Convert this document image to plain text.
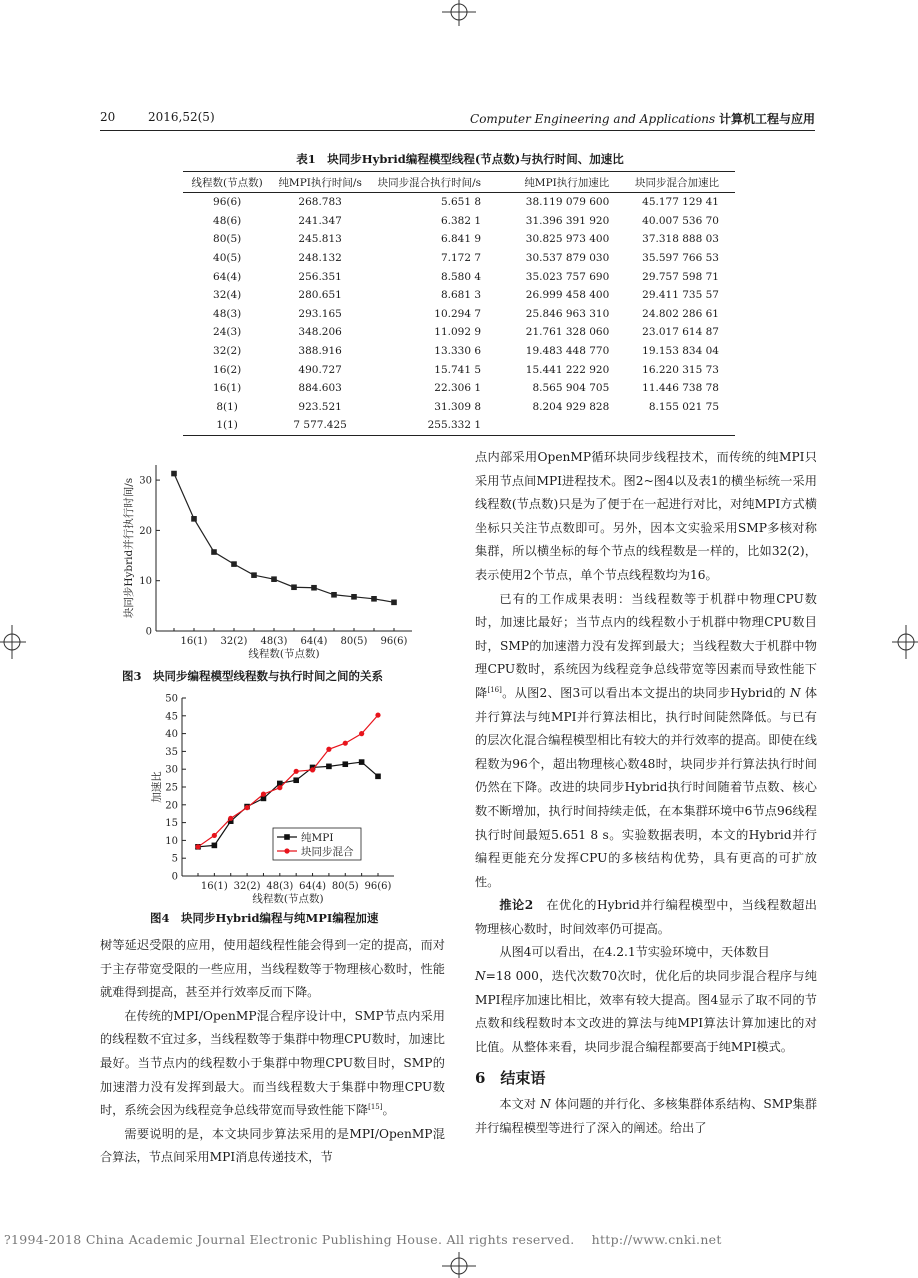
20	2016,52(5)	Computer Engineering and Applications 计算机工程与应用
表1　块同步Hybrid编程模型线程(节点数)与执行时间、加速比
线程数(节点数)	纯MPI执行时间/s	块同步混合执行时间/s	纯MPI执行加速比	块同步混合加速比
96(6)	268.783	5.651 8	38.119 079 600	45.177 129 41
48(6)	241.347	6.382 1	31.396 391 920	40.007 536 70
80(5)	245.813	6.841 9	30.825 973 400	37.318 888 03
40(5)	248.132	7.172 7	30.537 879 030	35.597 766 53
64(4)	256.351	8.580 4	35.023 757 690	29.757 598 71
32(4)	280.651	8.681 3	26.999 458 400	29.411 735 57
48(3)	293.165	10.294 7	25.846 963 310	24.802 286 61
24(3)	348.206	11.092 9	21.761 328 060	23.017 614 87
32(2)	388.916	13.330 6	19.483 448 770	19.153 834 04
16(2)	490.727	15.741 5	15.441 222 920	16.220 315 73
16(1)	884.603	22.306 1	8.565 904 705	11.446 738 78
8(1)	923.521	31.309 8	8.204 929 828	8.155 021 75
1(1)	7 577.425	255.332 1		
0
10
20
30
16(1) 32(2) 48(3) 64(4) 80(5) 96(6)
线程数(节点数)
块同步Hybrid并行执行时间/s
图3　块同步编程模型线程数与执行时间之间的关系
0
5
10
15
20
25
30
35
40
45
50
16(1) 32(2) 48(3) 64(4) 80(5) 96(6)
线程数(节点数)
加速比
纯MPI
块同步混合
图4　块同步Hybrid编程与纯MPI编程加速

树等延迟受限的应用，使用超线程性能会得到一定的提高，而对于主存带宽受限的一些应用，当线程数等于物理核心数时，性能就难得到提高，甚至并行效率反而下降。

在传统的MPI/OpenMP混合程序设计中，SMP节点内采用的线程数不宜过多，当线程数等于集群中物理CPU数时，加速比最好。当节点内的线程数小于集群中物理CPU数目时，SMP的加速潜力没有发挥到最大。而当线程数大于集群中物理CPU数时，系统会因为线程竞争总线带宽而导致性能下降[15]。

需要说明的是，本文块同步算法采用的是MPI/OpenMP混合算法，节点间采用MPI消息传递技术，节

点内部采用OpenMP循环块同步线程技术，而传统的纯MPI只采用节点间MPI进程技术。图2~图4以及表1的横坐标统一采用线程数(节点数)只是为了便于在一起进行对比，对纯MPI方式横坐标只关注节点数即可。另外，因本文实验采用SMP多核对称集群，所以横坐标的每个节点的线程数是一样的，比如32(2)，表示使用2个节点，单个节点线程数均为16。

已有的工作成果表明：当线程数等于机群中物理CPU数时，加速比最好；当节点内的线程数小于机群中物理CPU数目时，SMP的加速潜力没有发挥到最大；当线程数大于机群中物理CPU数时，系统因为线程竞争总线带宽等因素而导致性能下降[16]。从图2、图3可以看出本文提出的块同步Hybrid的 N 体并行算法与纯MPI并行算法相比，执行时间陡然降低。与已有的层次化混合编程模型相比有较大的并行效率的提高。即使在线程数为96个，超出物理核心数48时，块同步并行算法执行时间仍然在下降。改进的块同步Hybrid执行时间随着节点数、核心数不断增加，执行时间持续走低，在本集群环境中6节点96线程执行时间最短5.651 8 s。实验数据表明，本文的Hybrid并行编程更能充分发挥CPU的多核结构优势，具有更高的可扩放性。

推论2　在优化的Hybrid并行编程模型中，当线程数超出物理核心数时，时间效率仍可提高。

从图4可以看出，在4.2.1节实验环境中，天体数目
N=18 000，迭代次数70次时，优化后的块同步混合程序与纯MPI程序加速比相比，效率有较大提高。图4显示了取不同的节点数和线程数时本文改进的算法与纯MPI算法计算加速比的对比值。从整体来看，块同步混合编程都要高于纯MPI模式。

6　结束语

本文对 N 体问题的并行化、多核集群体系结构、SMP集群并行编程模型等进行了深入的阐述。给出了

?1994-2018 China Academic Journal Electronic Publishing House. All rights reserved.　 http://www.cnki.net
